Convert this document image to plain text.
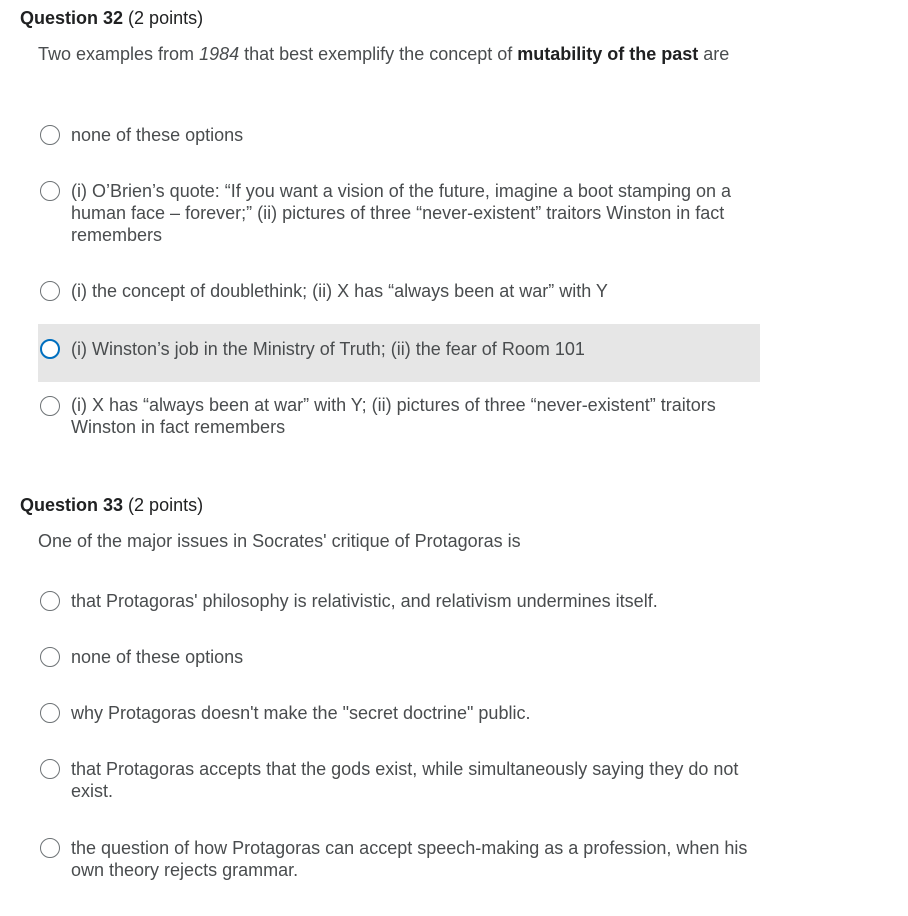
Question 32 (2 points)
Two examples from 1984 that best exemplify the concept of mutability of the past are
none of these options
(i) O’Brien’s quote: “If you want a vision of the future, imagine a boot stamping on a human face – forever;” (ii) pictures of three “never-existent” traitors Winston in fact remembers
(i) the concept of doublethink; (ii) X has “always been at war” with Y
(i) Winston’s job in the Ministry of Truth; (ii) the fear of Room 101
(i) X has “always been at war” with Y; (ii) pictures of three “never-existent” traitors Winston in fact remembers
Question 33 (2 points)
One of the major issues in Socrates' critique of Protagoras is
that Protagoras' philosophy is relativistic, and relativism undermines itself.
none of these options
why Protagoras doesn't make the "secret doctrine" public.
that Protagoras accepts that the gods exist, while simultaneously saying they do not exist.
the question of how Protagoras can accept speech-making as a profession, when his own theory rejects grammar.
